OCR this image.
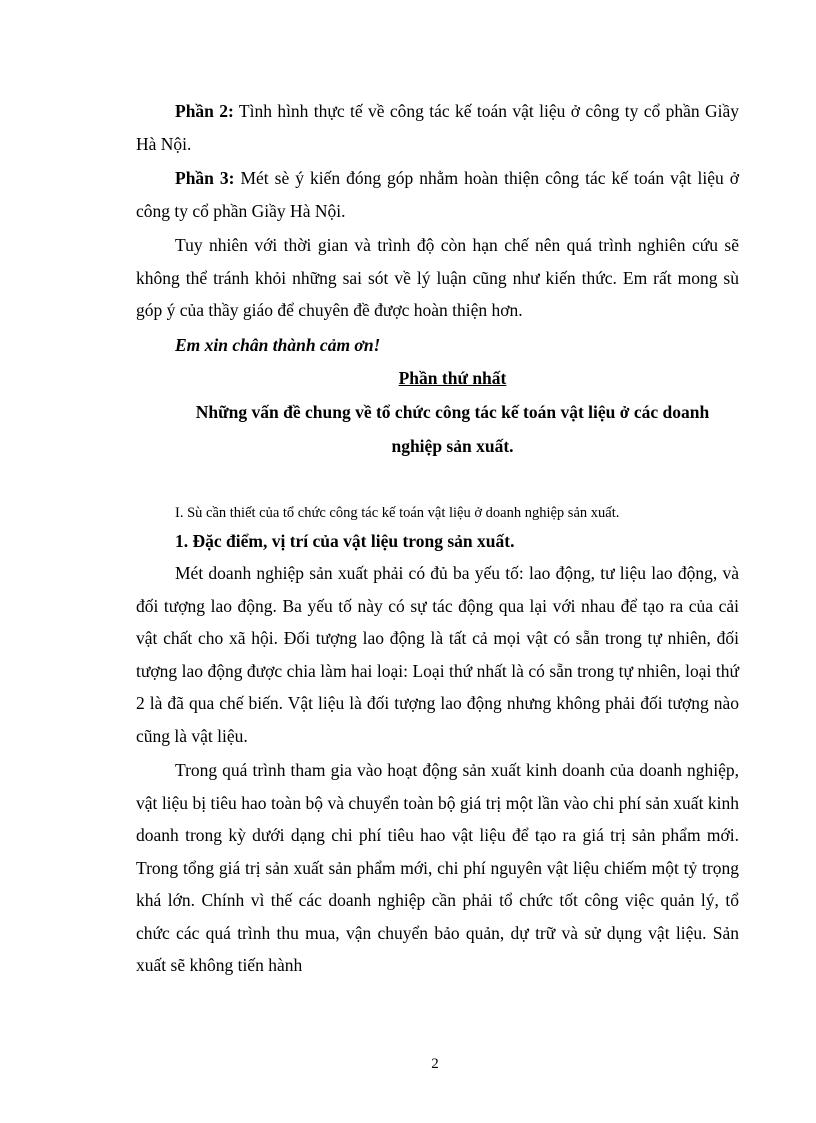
Phần 2: Tình hình thực tế về công tác kế toán vật liệu ở công ty cổ phần Giầy Hà Nội.

Phần 3: Mét sè ý kiến đóng góp nhằm hoàn thiện công tác kế toán vật liệu ở công ty cổ phần Giầy Hà Nội.

Tuy nhiên với thời gian và trình độ còn hạn chế nên quá trình nghiên cứu sẽ không thể tránh khỏi những sai sót về lý luận cũng như kiến thức. Em rất mong sù góp ý của thầy giáo để chuyên đề được hoàn thiện hơn.

Em xin chân thành cảm ơn!

Phần thứ nhất

Những vấn đề chung về tổ chức công tác kế toán vật liệu ở các doanh

nghiệp sản xuất.

I. Sù cần thiết của tổ chức công tác kế toán vật liệu ở doanh nghiệp sản xuất.

1. Đặc điểm, vị trí của vật liệu trong sản xuất.

Mét doanh nghiệp sản xuất phải có đủ ba yếu tố: lao động, tư liệu lao động, và đối tượng lao động. Ba yếu tố này có sự tác động qua lại với nhau để tạo ra của cải vật chất cho xã hội. Đối tượng lao động là tất cả mọi vật có sẵn trong tự nhiên, đối tượng lao động được chia làm hai loại: Loại thứ nhất là có sẵn trong tự nhiên, loại thứ 2 là đã qua chế biến. Vật liệu là đối tượng lao động nhưng không phải đối tượng nào cũng là vật liệu.

Trong quá trình tham gia vào hoạt động sản xuất kinh doanh của doanh nghiệp, vật liệu bị tiêu hao toàn bộ và chuyển toàn bộ giá trị một lần vào chi phí sản xuất kinh doanh trong kỳ dưới dạng chi phí tiêu hao vật liệu để tạo ra giá trị sản phẩm mới. Trong tổng giá trị sản xuất sản phẩm mới, chi phí nguyên vật liệu chiếm một tỷ trọng khá lớn. Chính vì thế các doanh nghiệp cần phải tổ chức tốt công việc quản lý, tổ chức các quá trình thu mua, vận chuyển bảo quản, dự trữ và sử dụng vật liệu. Sản xuất sẽ không tiến hành

2
